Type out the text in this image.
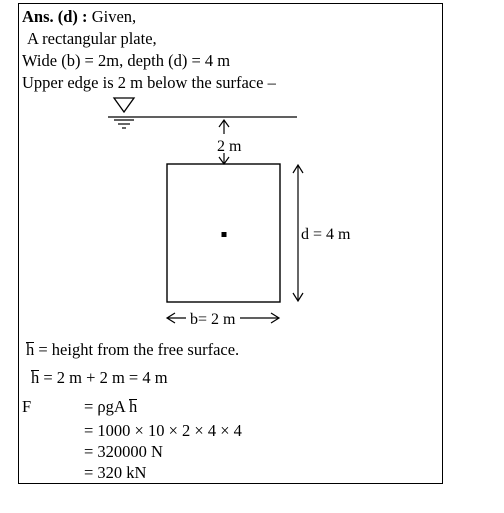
Ans. (d) : Given,
A rectangular plate,
Wide (b) = 2m, depth (d) = 4 m
Upper edge is 2 m below the surface –
2 m
d = 4 m
b= 2 m
h = height from the free surface.
h = 2 m + 2 m = 4 m
F	= ρgA h
= 1000 × 10 × 2 × 4 × 4
= 320000 N
= 320 kN
